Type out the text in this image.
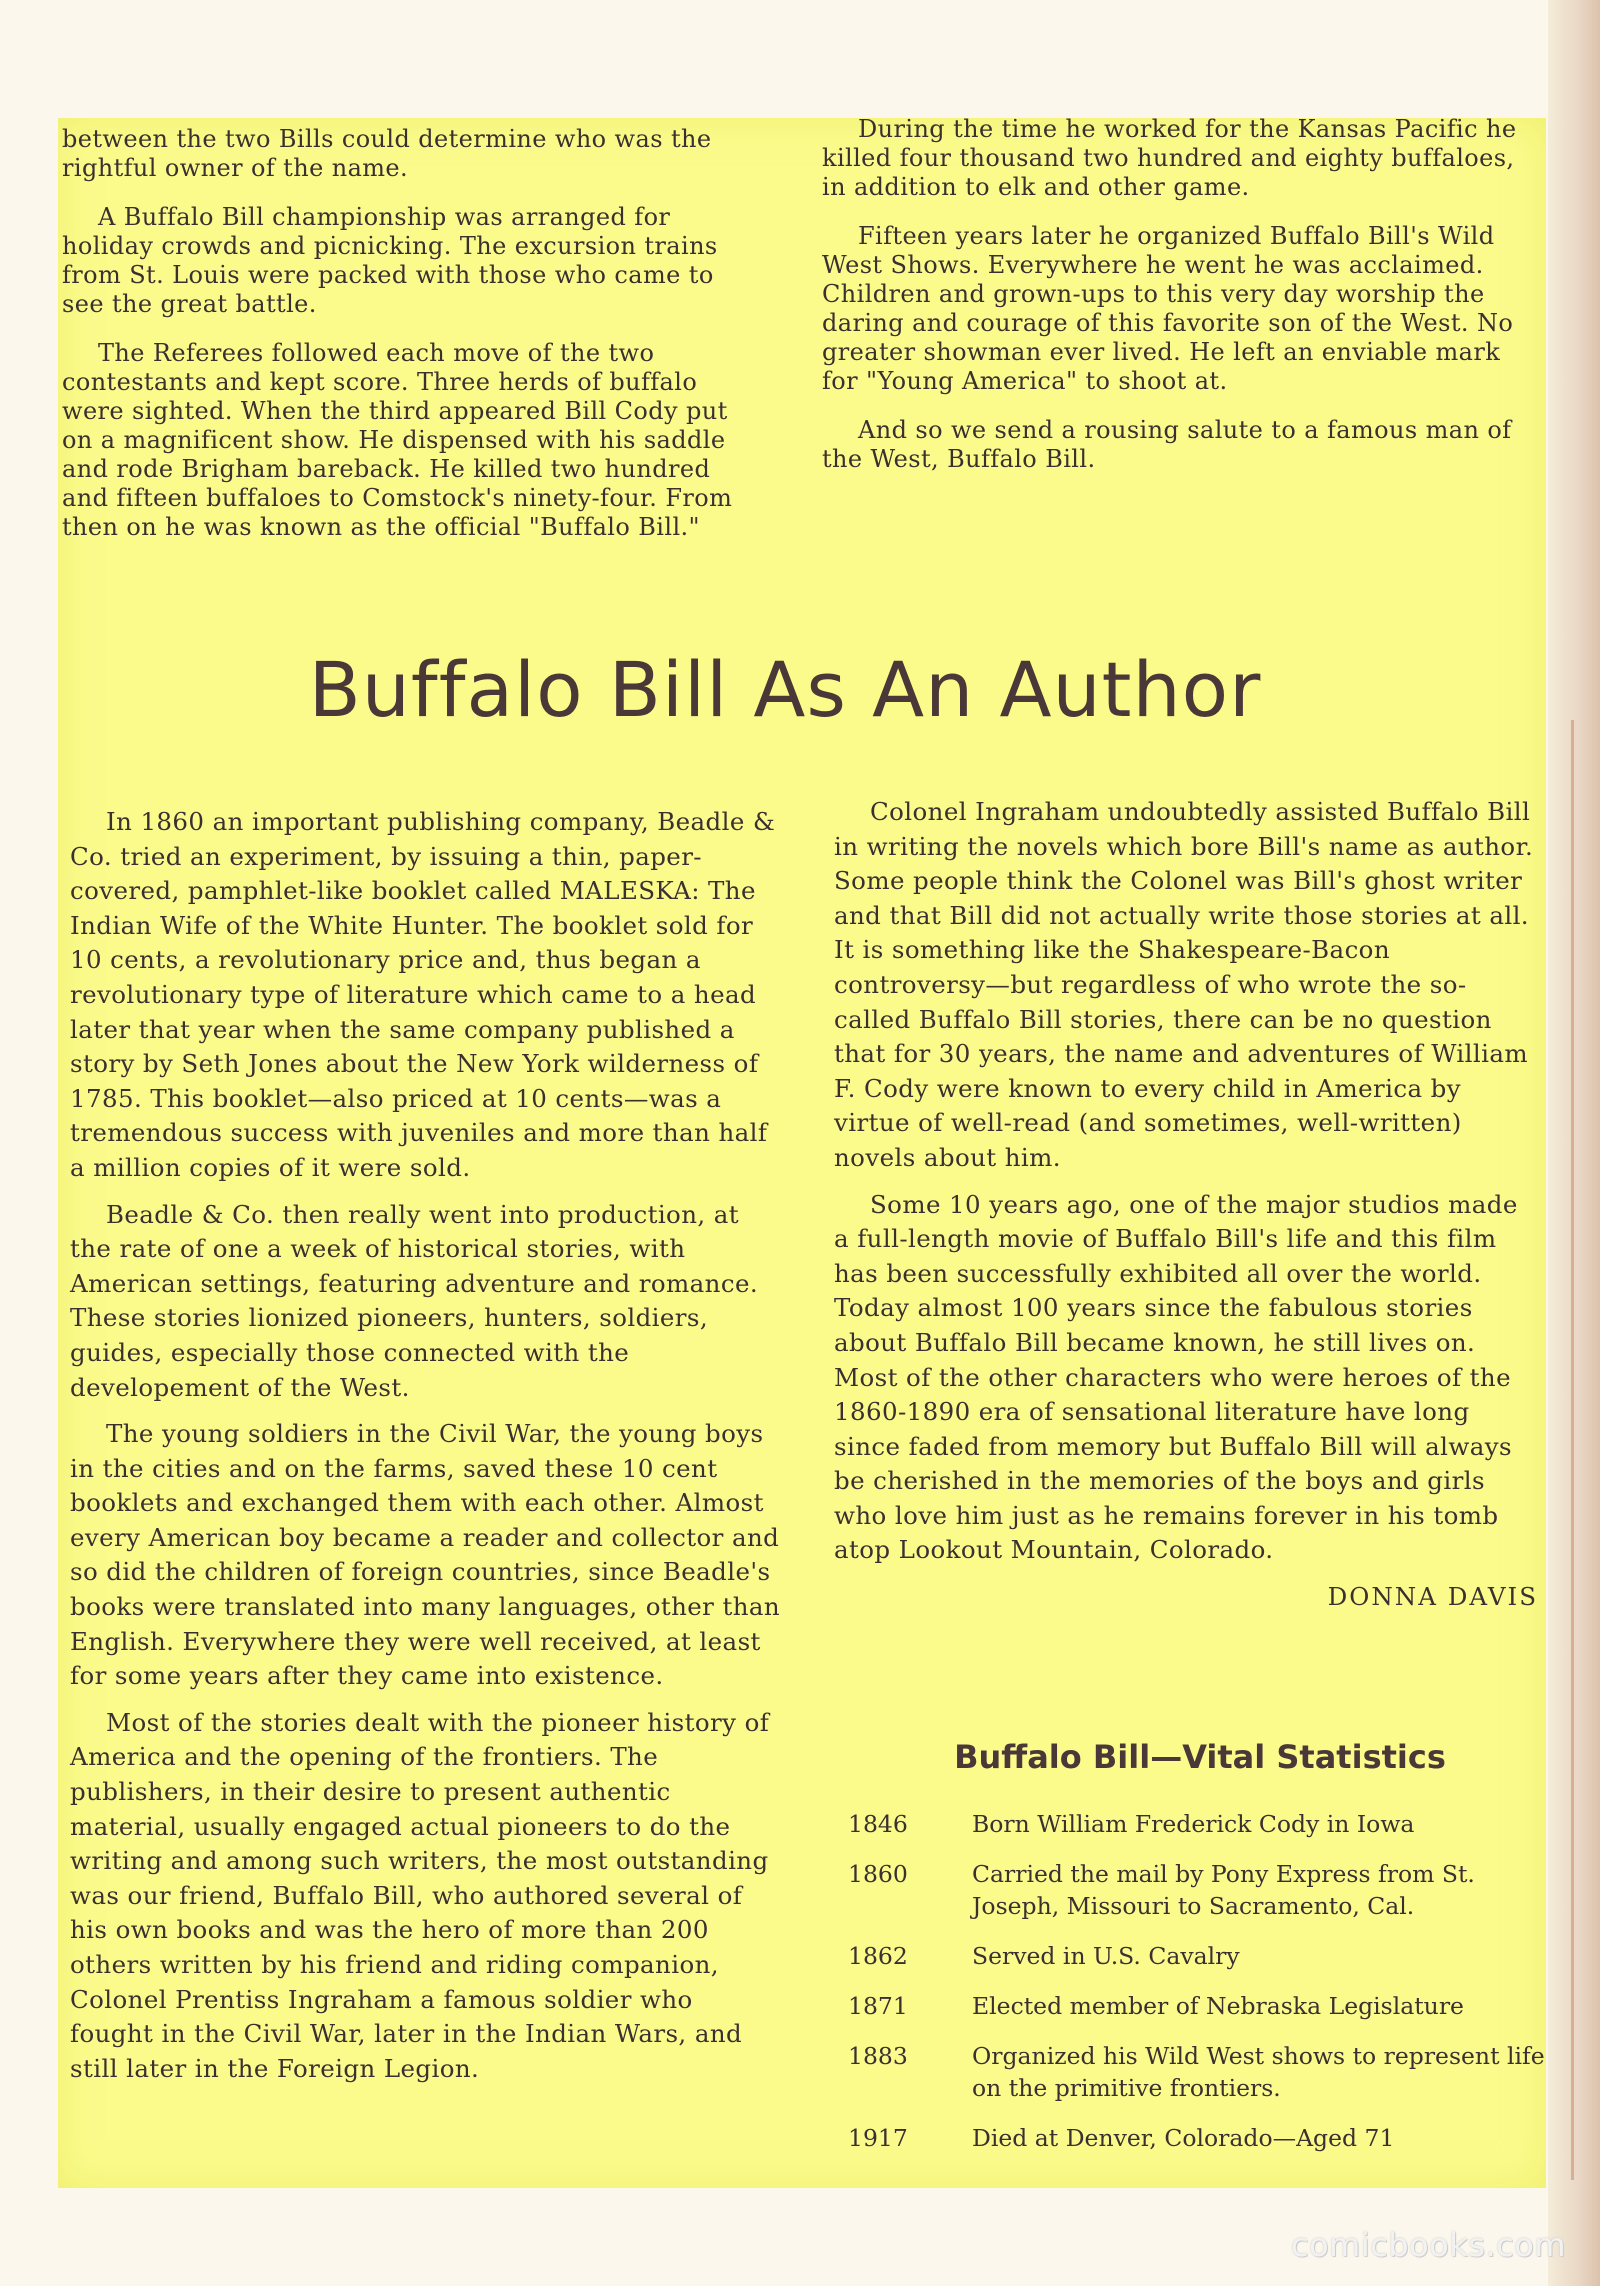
between the two Bills could determine who was the rightful owner of the name.

A Buffalo Bill championship was arranged for holiday crowds and picnicking. The excursion trains from St. Louis were packed with those who came to see the great battle.

The Referees followed each move of the two contestants and kept score. Three herds of buffalo were sighted. When the third appeared Bill Cody put on a magnificent show. He dispensed with his saddle and rode Brigham bareback. He killed two hundred and fifteen buffaloes to Comstock's ninety-four. From then on he was known as the official "Buffalo Bill."

During the time he worked for the Kansas Pacific he killed four thousand two hundred and eighty buffaloes, in addition to elk and other game.

Fifteen years later he organized Buffalo Bill's Wild West Shows. Everywhere he went he was acclaimed. Children and grown-ups to this very day worship the daring and courage of this favorite son of the West. No greater showman ever lived. He left an enviable mark for "Young America" to shoot at.

And so we send a rousing salute to a famous man of the West, Buffalo Bill.

Buffalo Bill As An Author

In 1860 an important publishing company, Beadle & Co. tried an experiment, by issuing a thin, paper-covered, pamphlet-like booklet called MALESKA: The Indian Wife of the White Hunter. The booklet sold for 10 cents, a revolutionary price and, thus began a revolutionary type of literature which came to a head later that year when the same company published a story by Seth Jones about the New York wilderness of 1785. This booklet—also priced at 10 cents—was a tremendous success with juveniles and more than half a million copies of it were sold.

Beadle & Co. then really went into production, at the rate of one a week of historical stories, with American settings, featuring adventure and romance. These stories lionized pioneers, hunters, soldiers, guides, especially those connected with the developement of the West.

The young soldiers in the Civil War, the young boys in the cities and on the farms, saved these 10 cent booklets and exchanged them with each other. Almost every American boy became a reader and collector and so did the children of foreign countries, since Beadle's books were translated into many languages, other than English. Everywhere they were well received, at least for some years after they came into existence.

Most of the stories dealt with the pioneer history of America and the opening of the frontiers. The publishers, in their desire to present authentic material, usually engaged actual pioneers to do the writing and among such writers, the most outstanding was our friend, Buffalo Bill, who authored several of his own books and was the hero of more than 200 others written by his friend and riding companion, Colonel Prentiss Ingraham a famous soldier who fought in the Civil War, later in the Indian Wars, and still later in the Foreign Legion.

Colonel Ingraham undoubtedly assisted Buffalo Bill in writing the novels which bore Bill's name as author. Some people think the Colonel was Bill's ghost writer and that Bill did not actually write those stories at all. It is something like the Shakespeare-Bacon controversy—but regardless of who wrote the so-called Buffalo Bill stories, there can be no question that for 30 years, the name and adventures of William F. Cody were known to every child in America by virtue of well-read (and sometimes, well-written) novels about him.

Some 10 years ago, one of the major studios made a full-length movie of Buffalo Bill's life and this film has been successfully exhibited all over the world. Today almost 100 years since the fabulous stories about Buffalo Bill became known, he still lives on. Most of the other characters who were heroes of the 1860-1890 era of sensational literature have long since faded from memory but Buffalo Bill will always be cherished in the memories of the boys and girls who love him just as he remains forever in his tomb atop Lookout Mountain, Colorado.

DONNA DAVIS
Buffalo Bill—Vital Statistics
1846	Born William Frederick Cody in Iowa
1860	Carried the mail by Pony Express from St. Joseph, Missouri to Sacramento, Cal.
1862	Served in U.S. Cavalry
1871	Elected member of Nebraska Legislature
1883	Organized his Wild West shows to represent life on the primitive frontiers.
1917	Died at Denver, Colorado—Aged 71
comicbooks.com
